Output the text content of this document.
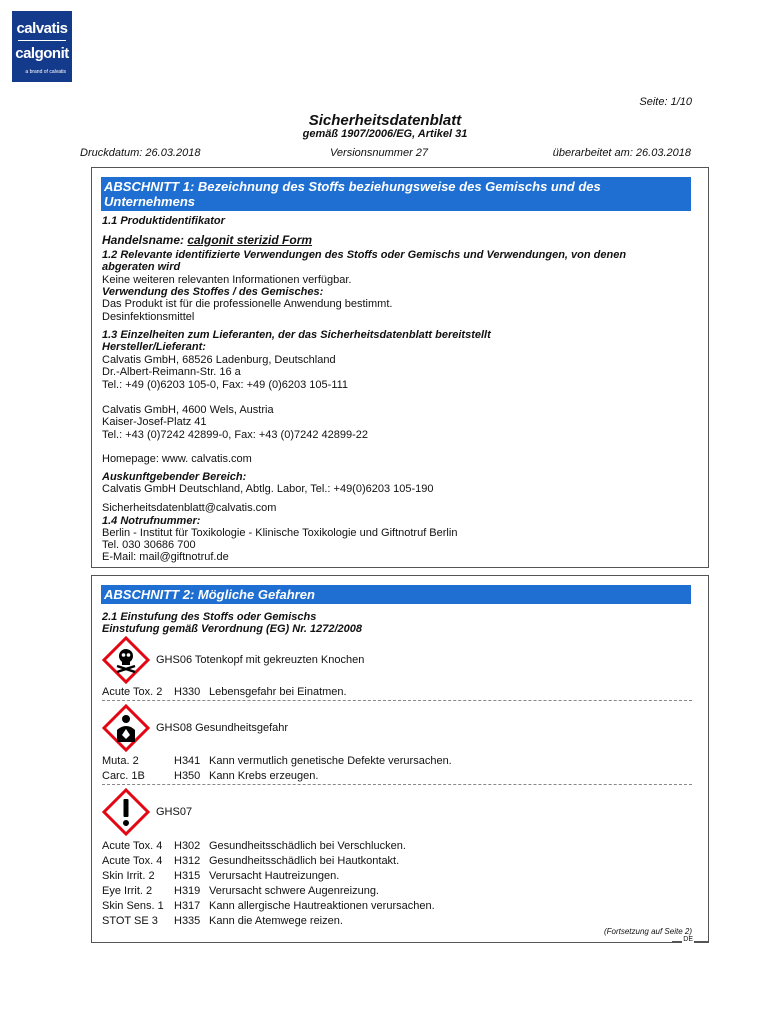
calvatis
calgonit
a brand of calvatis
Seite: 1/10
Sicherheitsdatenblatt
gemäß 1907/2006/EG, Artikel 31
Druckdatum: 26.03.2018	Versionsnummer 27	überarbeitet am: 26.03.2018
ABSCHNITT 1: Bezeichnung des Stoffs beziehungsweise des Gemischs und des
Unternehmens
1.1 Produktidentifikator
Handelsname: calgonit sterizid Form
1.2 Relevante identifizierte Verwendungen des Stoffs oder Gemischs und Verwendungen, von denen
abgeraten wird
Keine weiteren relevanten Informationen verfügbar.
Verwendung des Stoffes / des Gemisches:
Das Produkt ist für die professionelle Anwendung bestimmt.
Desinfektionsmittel
1.3 Einzelheiten zum Lieferanten, der das Sicherheitsdatenblatt bereitstellt
Hersteller/Lieferant:
Calvatis GmbH, 68526 Ladenburg, Deutschland
Dr.-Albert-Reimann-Str. 16 a
Tel.: +49 (0)6203 105-0, Fax: +49 (0)6203 105-111
Calvatis GmbH, 4600 Wels, Austria
Kaiser-Josef-Platz 41
Tel.: +43 (0)7242 42899-0, Fax: +43 (0)7242 42899-22
Homepage: www. calvatis.com
Auskunftgebender Bereich:
Calvatis GmbH Deutschland, Abtlg. Labor, Tel.: +49(0)6203 105-190
Sicherheitsdatenblatt@calvatis.com
1.4 Notrufnummer:
Berlin - Institut für Toxikologie - Klinische Toxikologie und Giftnotruf Berlin
Tel. 030 30686 700
E-Mail: mail@giftnotruf.de
ABSCHNITT 2: Mögliche Gefahren
2.1 Einstufung des Stoffs oder Gemischs
Einstufung gemäß Verordnung (EG) Nr. 1272/2008
GHS06 Totenkopf mit gekreuzten Knochen
Acute Tox. 2 H330 Lebensgefahr bei Einatmen.
GHS08 Gesundheitsgefahr
Muta. 2	H341 Kann vermutlich genetische Defekte verursachen.
Carc. 1B	H350 Kann Krebs erzeugen.
GHS07
Acute Tox. 4 H302 Gesundheitsschädlich bei Verschlucken.
Acute Tox. 4 H312 Gesundheitsschädlich bei Hautkontakt.
Skin Irrit. 2 H315 Verursacht Hautreizungen.
Eye Irrit. 2 H319 Verursacht schwere Augenreizung.
Skin Sens. 1 H317 Kann allergische Hautreaktionen verursachen.
STOT SE 3 H335 Kann die Atemwege reizen.
(Fortsetzung auf Seite 2)
DE
